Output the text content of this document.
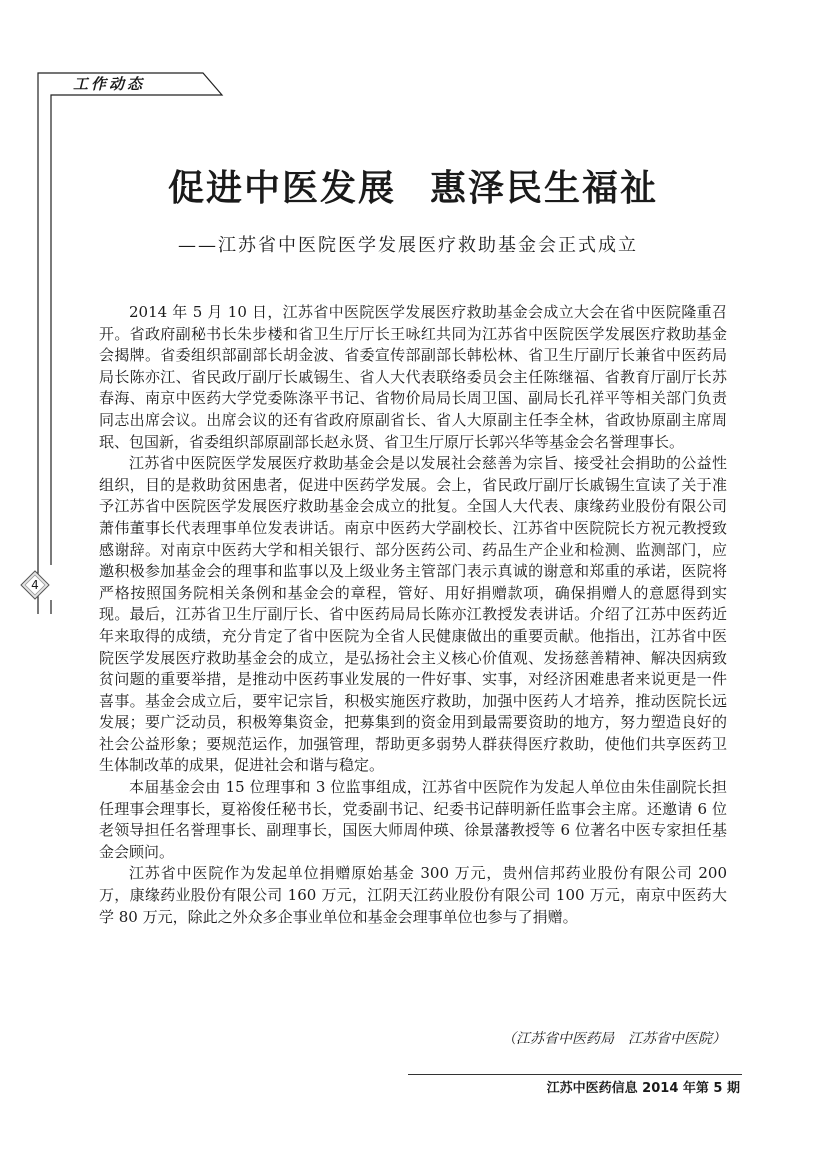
工作动态
4
促进中医发展 惠泽民生福祉
——江苏省中医院医学发展医疗救助基金会正式成立

2014 年 5 月 10 日，江苏省中医院医学发展医疗救助基金会成立大会在省中医院隆重召开。省政府副秘书长朱步楼和省卫生厅厅长王咏红共同为江苏省中医院医学发展医疗救助基金会揭牌。省委组织部副部长胡金波、省委宣传部副部长韩松林、省卫生厅副厅长兼省中医药局局长陈亦江、省民政厅副厅长戚锡生、省人大代表联络委员会主任陈继福、省教育厅副厅长苏春海、南京中医药大学党委陈涤平书记、省物价局局长周卫国、副局长孔祥平等相关部门负责同志出席会议。出席会议的还有省政府原副省长、省人大原副主任李全林，省政协原副主席周珉、包国新，省委组织部原副部长赵永贤、省卫生厅原厅长郭兴华等基金会名誉理事长。

江苏省中医院医学发展医疗救助基金会是以发展社会慈善为宗旨、接受社会捐助的公益性组织，目的是救助贫困患者，促进中医药学发展。会上，省民政厅副厅长戚锡生宣读了关于准予江苏省中医院医学发展医疗救助基金会成立的批复。全国人大代表、康缘药业股份有限公司萧伟董事长代表理事单位发表讲话。南京中医药大学副校长、江苏省中医院院长方祝元教授致感谢辞。对南京中医药大学和相关银行、部分医药公司、药品生产企业和检测、监测部门，应邀积极参加基金会的理事和监事以及上级业务主管部门表示真诚的谢意和郑重的承诺，医院将严格按照国务院相关条例和基金会的章程，管好、用好捐赠款项，确保捐赠人的意愿得到实现。最后，江苏省卫生厅副厅长、省中医药局局长陈亦江教授发表讲话。介绍了江苏中医药近年来取得的成绩，充分肯定了省中医院为全省人民健康做出的重要贡献。他指出，江苏省中医院医学发展医疗救助基金会的成立，是弘扬社会主义核心价值观、发扬慈善精神、解决因病致贫问题的重要举措，是推动中医药事业发展的一件好事、实事，对经济困难患者来说更是一件喜事。基金会成立后，要牢记宗旨，积极实施医疗救助，加强中医药人才培养，推动医院长远发展；要广泛动员，积极筹集资金，把募集到的资金用到最需要资助的地方，努力塑造良好的社会公益形象；要规范运作，加强管理，帮助更多弱势人群获得医疗救助，使他们共享医药卫生体制改革的成果，促进社会和谐与稳定。

本届基金会由 15 位理事和 3 位监事组成，江苏省中医院作为发起人单位由朱佳副院长担任理事会理事长，夏裕俊任秘书长，党委副书记、纪委书记薛明新任监事会主席。还邀请 6 位老领导担任名誉理事长、副理事长，国医大师周仲瑛、徐景藩教授等 6 位著名中医专家担任基金会顾问。

江苏省中医院作为发起单位捐赠原始基金 300 万元，贵州信邦药业股份有限公司 200 万，康缘药业股份有限公司 160 万元，江阴天江药业股份有限公司 100 万元，南京中医药大学 80 万元，除此之外众多企事业单位和基金会理事单位也参与了捐赠。

（江苏省中医药局　江苏省中医院）
江苏中医药信息 2014 年第 5 期
